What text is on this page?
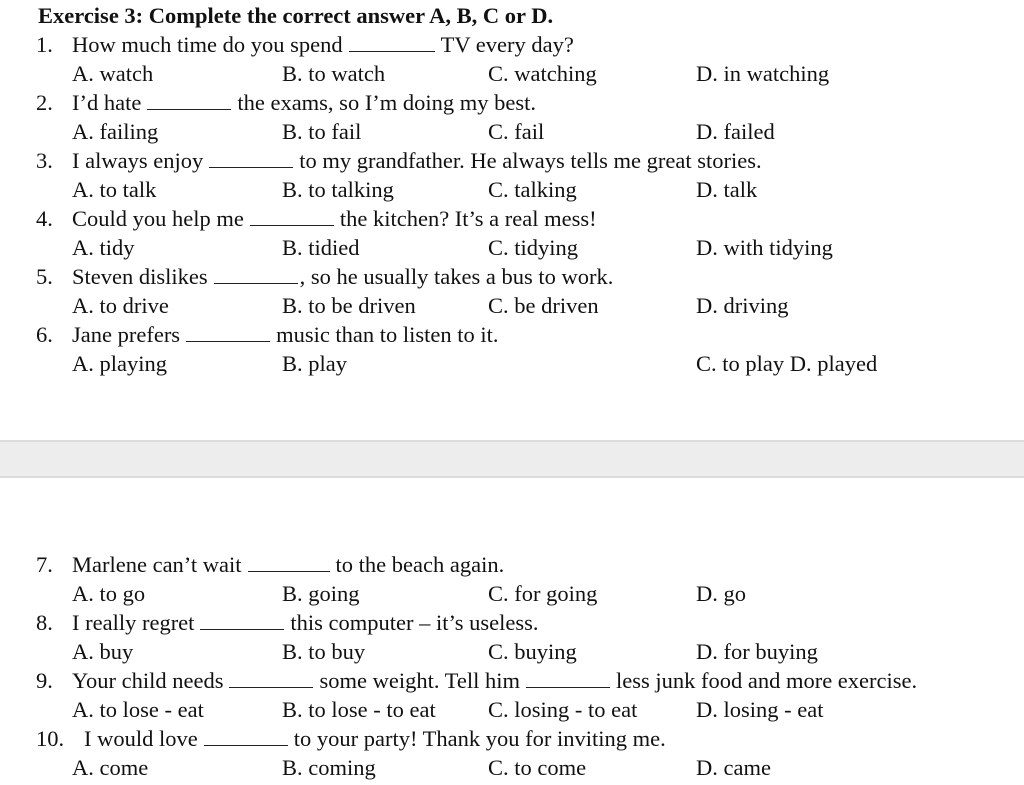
Exercise 3: Complete the correct answer A, B, C or D.
1. How much time do you spend	TV every day?
A. watch	B. to watch	C. watching	D. in watching
2. I’d hate	the exams, so I’m doing my best.
A. failing	B. to fail	C. fail	D. failed
3. I always enjoy	to my grandfather. He always tells me great stories.
A. to talk	B. to talking	C. talking	D. talk
4. Could you help me	the kitchen? It’s a real mess!
A. tidy	B. tidied	C. tidying	D. with tidying
5. Steven dislikes	, so he usually takes a bus to work.
A. to drive	B. to be driven	C. be driven	D. driving
6. Jane prefers	music than to listen to it.
A. playing	B. play	C. to play D. played
7. Marlene can’t wait	to the beach again.
A. to go	B. going	C. for going	D. go
8. I really regret	this computer – it’s useless.
A. buy	B. to buy	C. buying	D. for buying
9. Your child needs	some weight. Tell him	less junk food and more exercise.
A. to lose - eat	B. to lose - to eat C. losing - to eat	D. losing - eat
10. I would love	to your party! Thank you for inviting me.
A. come	B. coming	C. to come	D. came
